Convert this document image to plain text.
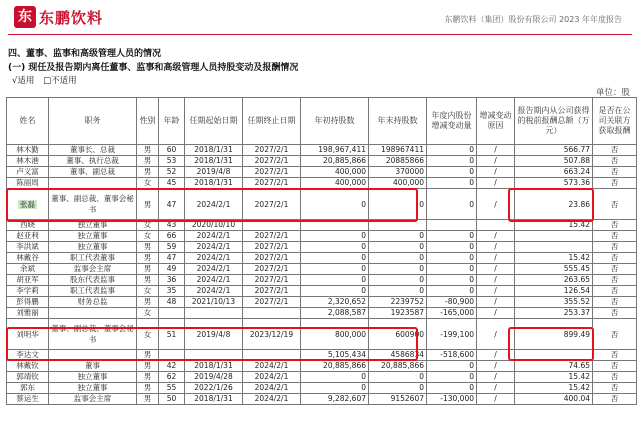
东 东鹏饮料	东鹏饮料（集团）股份有限公司 2023 年年度报告
四、董事、监事和高级管理人员的情况
(一) 现任及报告期内离任董事、监事和高级管理人员持股变动及报酬情况
√适用 □不适用
单位：股
姓名	职务	性别	年龄	任期起始日期	任期终止日期	年初持股数	年末持股数	年度内股份增减变动量	增减变动原因	报告期内从公司获得的税前报酬总额（万元）	是否在公司关联方获取报酬
林木勤	董事长、总裁	男	60	2018/1/31	2027/2/1	198,967,411	198967411	0	/	566.77	否
林木港	董事、执行总裁	男	53	2018/1/31	2027/2/1	20,885,866	20885866	0	/	507.88	否
卢义富	董事、副总裁	男	52	2019/4/8	2027/2/1	400,000	370000	0	/	663.24	否
陈丽周		女	45	2018/1/31	2027/2/1	400,000	400,000	0	/	573.36	否
张磊	董事、副总裁、董事会秘书	男	47	2024/2/1	2027/2/1	0	0	0	/	23.86	否
西晓	独立董事	女	43	2020/10/10						15.42	否
赵亚利	独立董事	女	66	2024/2/1	2027/2/1	0	0	0	/		否
李洪斌	独立董事	男	59	2024/2/1	2027/2/1	0	0	0	/		否
林戴谷	职工代表董事	男	47	2024/2/1	2027/2/1	0	0	0	/	15.42	否
余斌	监事会主席	男	49	2024/2/1	2027/2/1	0	0	0	/	555.45	否
胡亚军	股东代表监事	男	36	2024/2/1	2027/2/1	0	0	0	/	263.65	否
李学莉	职工代表监事	女	35	2024/2/1	2027/2/1	0	0	0	/	126.54	否
彭得鹏	财务总监	男	48	2021/10/13	2027/2/1	2,320,652	2239752	-80,900	/	355.52	否
刘雅丽		女				2,088,587	1923587	-165,000	/	253.37	否
刘明华	董事、副总裁、董事会秘书	女	51	2019/4/8	2023/12/19	800,000	600900	-199,100	/	899.49	否
李达文		男				5,105,434	4586834	-518,600	/		否
林戴钦	董事	男	42	2018/1/31	2024/2/1	20,885,866	20,885,866	0	/	74.65	否
郭靖钦	独立董事	男	62	2019/4/28	2024/2/1	0	0	0	/	15.42	否
郭东	独立董事	男	55	2022/1/26	2024/2/1	0	0	0	/	15.42	否
蔡运生	监事会主席	男	50	2018/1/31	2024/2/1	9,282,607	9152607	-130,000	/	400.04	否
